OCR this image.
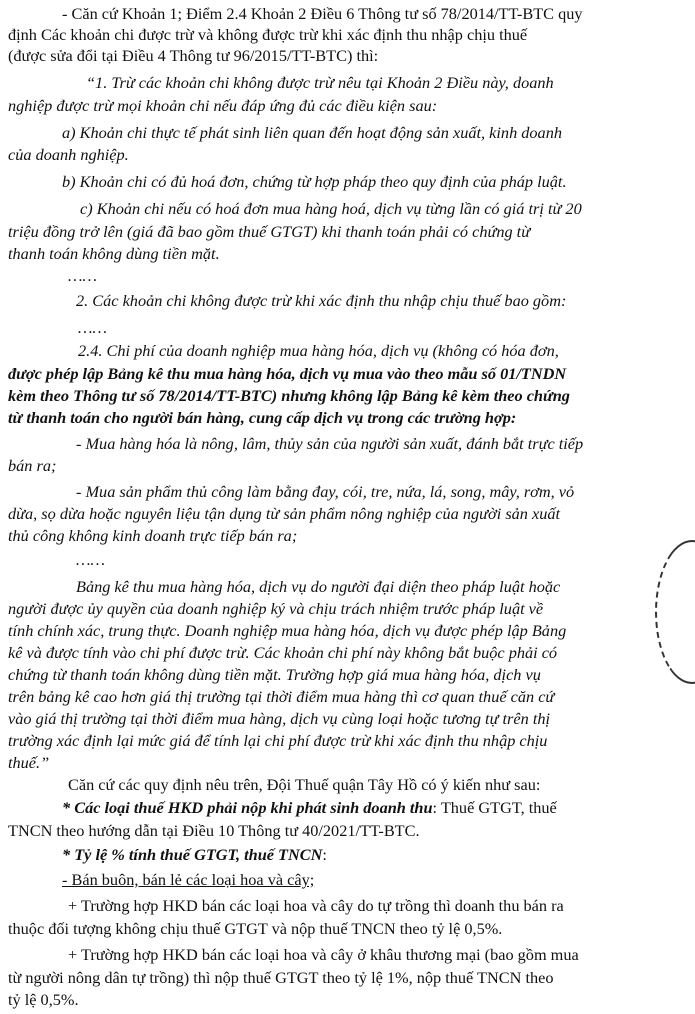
- Căn cứ Khoản 1; Điểm 2.4 Khoản 2 Điều 6 Thông tư số 78/2014/TT-BTC quy
định Các khoản chi được trừ và không được trừ khi xác định thu nhập chịu thuế
(được sửa đổi tại Điều 4 Thông tư 96/2015/TT-BTC) thì:
“1. Trừ các khoản chi không được trừ nêu tại Khoản 2 Điều này, doanh
nghiệp được trừ mọi khoản chi nếu đáp ứng đủ các điều kiện sau:
a) Khoản chi thực tế phát sinh liên quan đến hoạt động sản xuất, kinh doanh
của doanh nghiệp.
b) Khoản chi có đủ hoá đơn, chứng từ hợp pháp theo quy định của pháp luật.
c) Khoản chi nếu có hoá đơn mua hàng hoá, dịch vụ từng lần có giá trị từ 20
triệu đồng trở lên (giá đã bao gồm thuế GTGT) khi thanh toán phải có chứng từ
thanh toán không dùng tiền mặt.
……
2. Các khoản chi không được trừ khi xác định thu nhập chịu thuế bao gồm:
……
2.4. Chi phí của doanh nghiệp mua hàng hóa, dịch vụ (không có hóa đơn,
được phép lập Bảng kê thu mua hàng hóa, dịch vụ mua vào theo mẫu số 01/TNDN
kèm theo Thông tư số 78/2014/TT-BTC) nhưng không lập Bảng kê kèm theo chứng
từ thanh toán cho người bán hàng, cung cấp dịch vụ trong các trường hợp:
- Mua hàng hóa là nông, lâm, thủy sản của người sản xuất, đánh bắt trực tiếp
bán ra;
- Mua sản phẩm thủ công làm bằng đay, cói, tre, nứa, lá, song, mây, rơm, vỏ
dừa, sọ dừa hoặc nguyên liệu tận dụng từ sản phẩm nông nghiệp của người sản xuất
thủ công không kinh doanh trực tiếp bán ra;
……
Bảng kê thu mua hàng hóa, dịch vụ do người đại diện theo pháp luật hoặc
người được ủy quyền của doanh nghiệp ký và chịu trách nhiệm trước pháp luật về
tính chính xác, trung thực. Doanh nghiệp mua hàng hóa, dịch vụ được phép lập Bảng
kê và được tính vào chi phí được trừ. Các khoản chi phí này không bắt buộc phải có
chứng từ thanh toán không dùng tiền mặt. Trường hợp giá mua hàng hóa, dịch vụ
trên bảng kê cao hơn giá thị trường tại thời điểm mua hàng thì cơ quan thuế căn cứ
vào giá thị trường tại thời điểm mua hàng, dịch vụ cùng loại hoặc tương tự trên thị
trường xác định lại mức giá để tính lại chi phí được trừ khi xác định thu nhập chịu
thuế.”
Căn cứ các quy định nêu trên, Đội Thuế quận Tây Hồ có ý kiến như sau:
* Các loại thuế HKD phải nộp khi phát sinh doanh thu: Thuế GTGT, thuế
TNCN theo hướng dẫn tại Điều 10 Thông tư 40/2021/TT-BTC.
* Tỷ lệ % tính thuế GTGT, thuế TNCN:
- Bán buôn, bán lẻ các loại hoa và cây;
+ Trường hợp HKD bán các loại hoa và cây do tự trồng thì doanh thu bán ra
thuộc đối tượng không chịu thuế GTGT và nộp thuế TNCN theo tỷ lệ 0,5%.
+ Trường hợp HKD bán các loại hoa và cây ở khâu thương mại (bao gồm mua
từ người nông dân tự trồng) thì nộp thuế GTGT theo tỷ lệ 1%, nộp thuế TNCN theo
tỷ lệ 0,5%.
